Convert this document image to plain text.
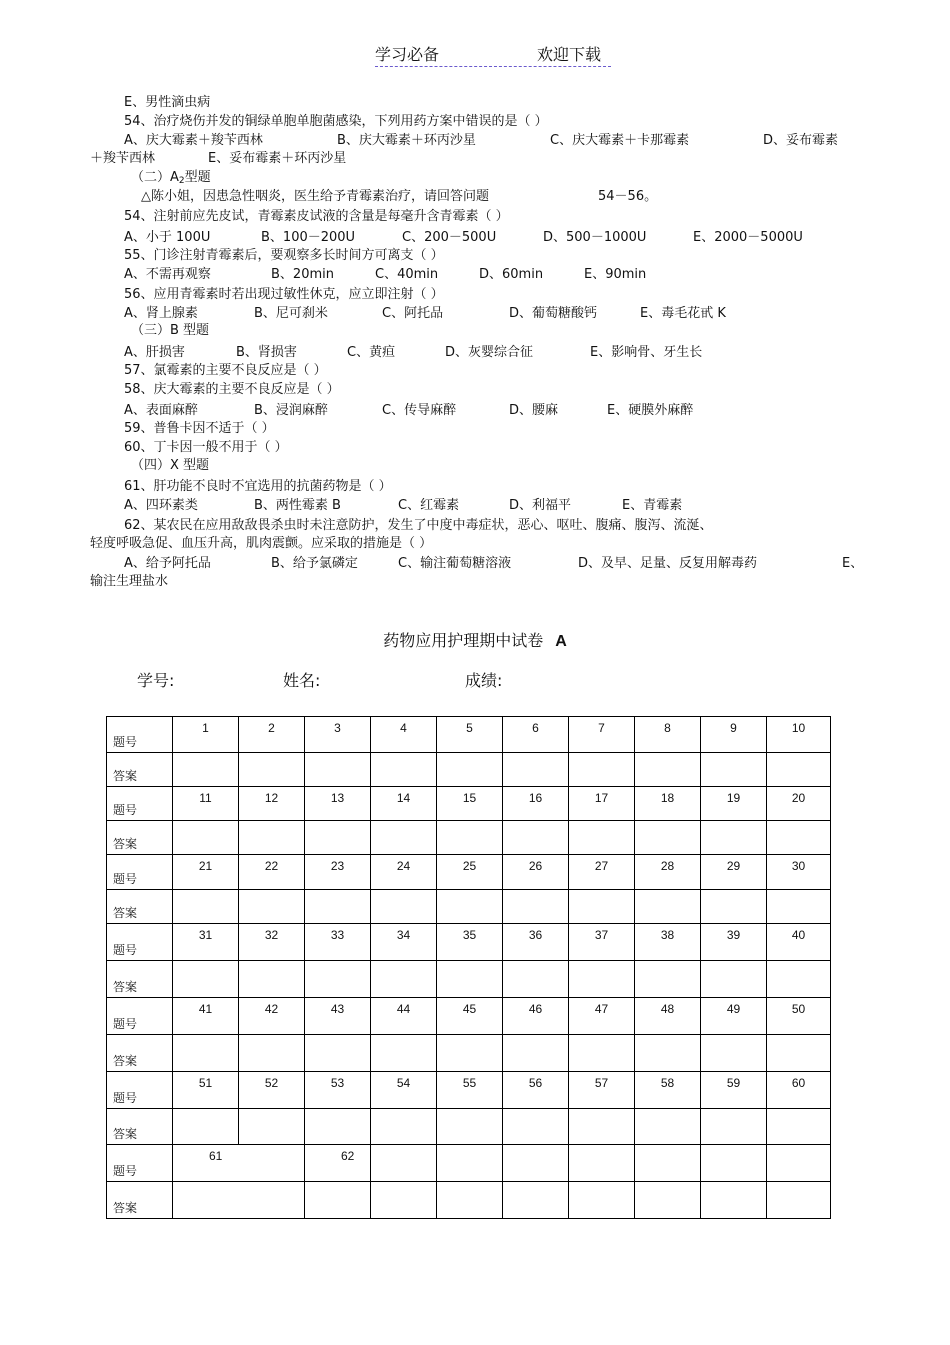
学习必备	欢迎下载
E、男性滴虫病
54、治疗烧伤并发的铜绿单胞单胞菌感染，下列用药方案中错误的是（ ）
A、庆大霉素＋羧苄西林	B、庆大霉素＋环丙沙星	C、庆大霉素＋卡那霉素	D、妥布霉素
＋羧苄西林	E、妥布霉素＋环丙沙星
（二）$A_2$型题
△陈小姐，因患急性咽炎，医生给予青霉素治疗，请回答问题	54－56。
54、注射前应先皮试，青霉素皮试液的含量是每毫升含青霉素（ ）
A、小于 100U	B、100－200U	C、200－500U	D、500－1000U	E、2000－5000U
55、门诊注射青霉素后，要观察多长时间方可离支（ ）
A、不需再观察	B、20min	C、40min	D、60min	E、90min
56、应用青霉素时若出现过敏性休克，应立即注射（ ）
A、肾上腺素	B、尼可刹米	C、阿托品	D、葡萄糖酸钙	E、毒毛花甙 K
（三）B 型题
A、肝损害	B、肾损害	C、黄疸	D、灰婴综合征	E、影响骨、牙生长
57、氯霉素的主要不良反应是（ ）
58、庆大霉素的主要不良反应是（ ）
A、表面麻醉	B、浸润麻醉	C、传导麻醉	D、腰麻	E、硬膜外麻醉
59、普鲁卡因不适于（ ）
60、丁卡因一般不用于（ ）
（四）X 型题
61、肝功能不良时不宜选用的抗菌药物是（ ）
A、四环素类	B、两性霉素 B	C、红霉素	D、利福平	E、青霉素
62、某农民在应用敌敌畏杀虫时未注意防护，发生了中度中毒症状，恶心、呕吐、腹痛、腹泻、流涎、
轻度呼吸急促、血压升高，肌肉震颤。应采取的措施是（ ）
A、给予阿托品	B、给予氯磷定	C、输注葡萄糖溶液	D、及早、足量、反复用解毒药	E、
输注生理盐水
药物应用护理期中试卷 A
学号:	姓名:	成绩:
题号	1	2	3	4	5	6	7	8	9	10
答案										
题号	11	12	13	14	15	16	17	18	19	20
答案										
题号	21	22	23	24	25	26	27	28	29	30
答案										
题号	31	32	33	34	35	36	37	38	39	40
答案										
题号	41	42	43	44	45	46	47	48	49	50
答案										
题号	51	52	53	54	55	56	57	58	59	60
答案										
题号	61		62							
答案										
